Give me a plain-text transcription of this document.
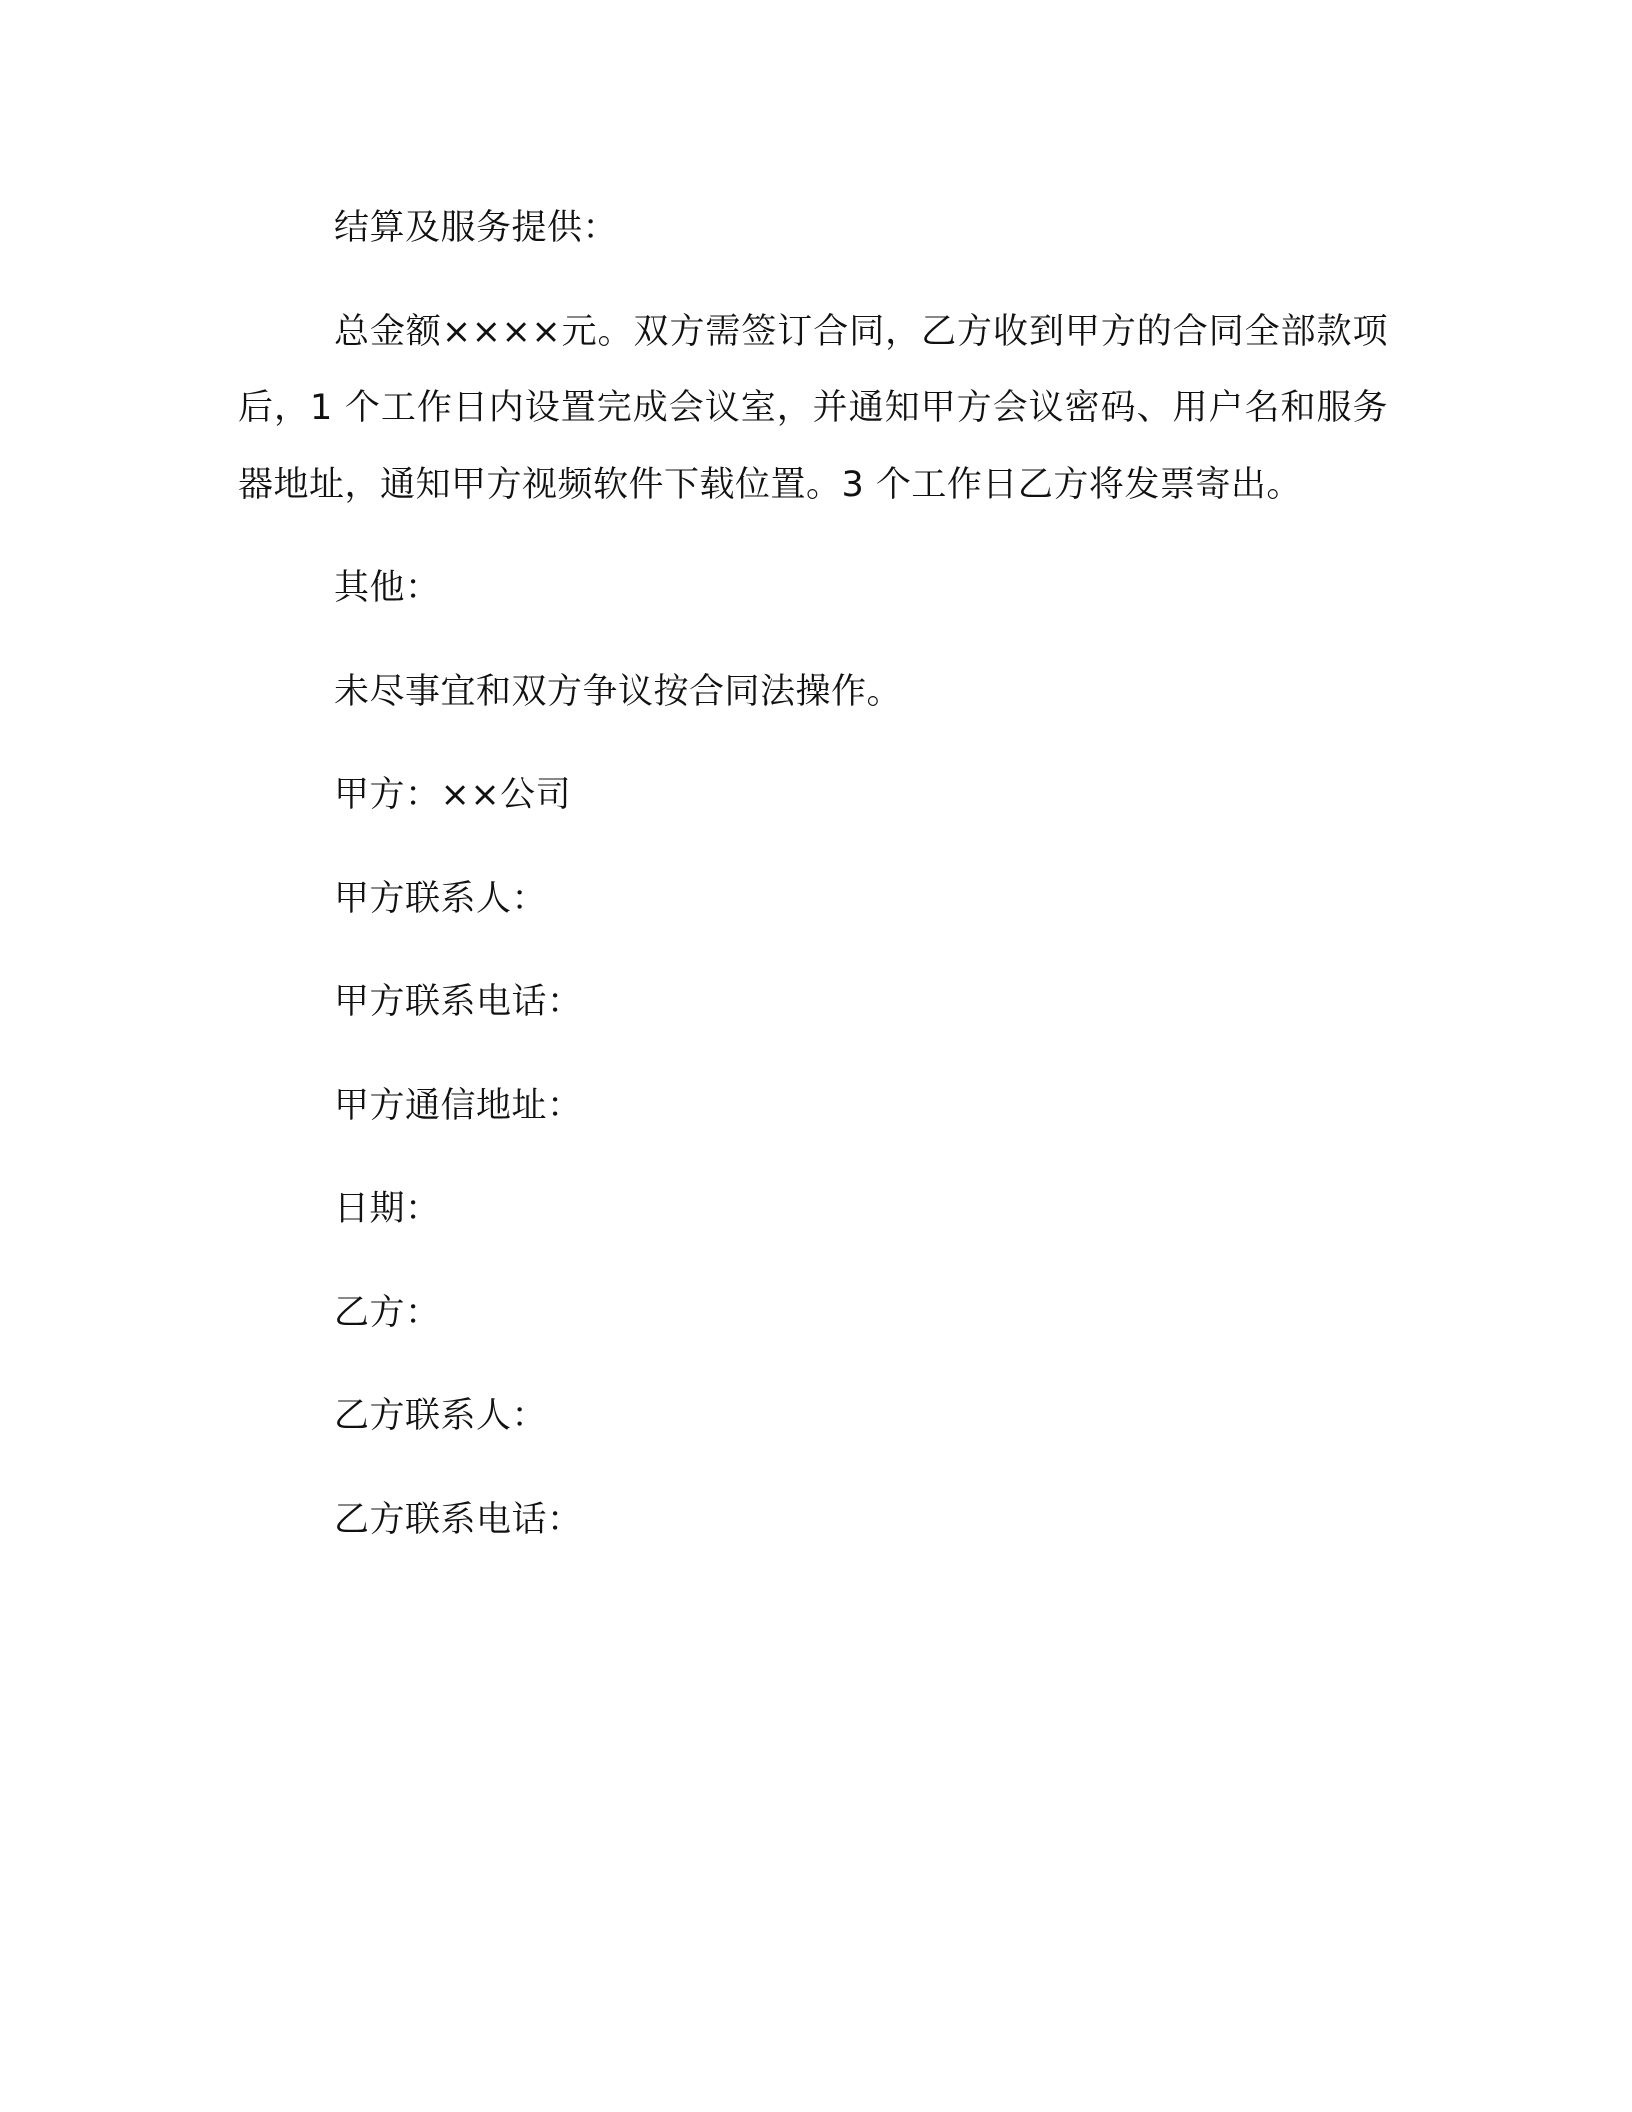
结算及服务提供：

总金额××××元。双方需签订合同，乙方收到甲方的合同全部款项后，1 个工作日内设置完成会议室，并通知甲方会议密码、用户名和服务器地址，通知甲方视频软件下载位置。3 个工作日乙方将发票寄出。

其他：

未尽事宜和双方争议按合同法操作。

甲方：××公司

甲方联系人：

甲方联系电话：

甲方通信地址：

日期：

乙方：

乙方联系人：

乙方联系电话：
